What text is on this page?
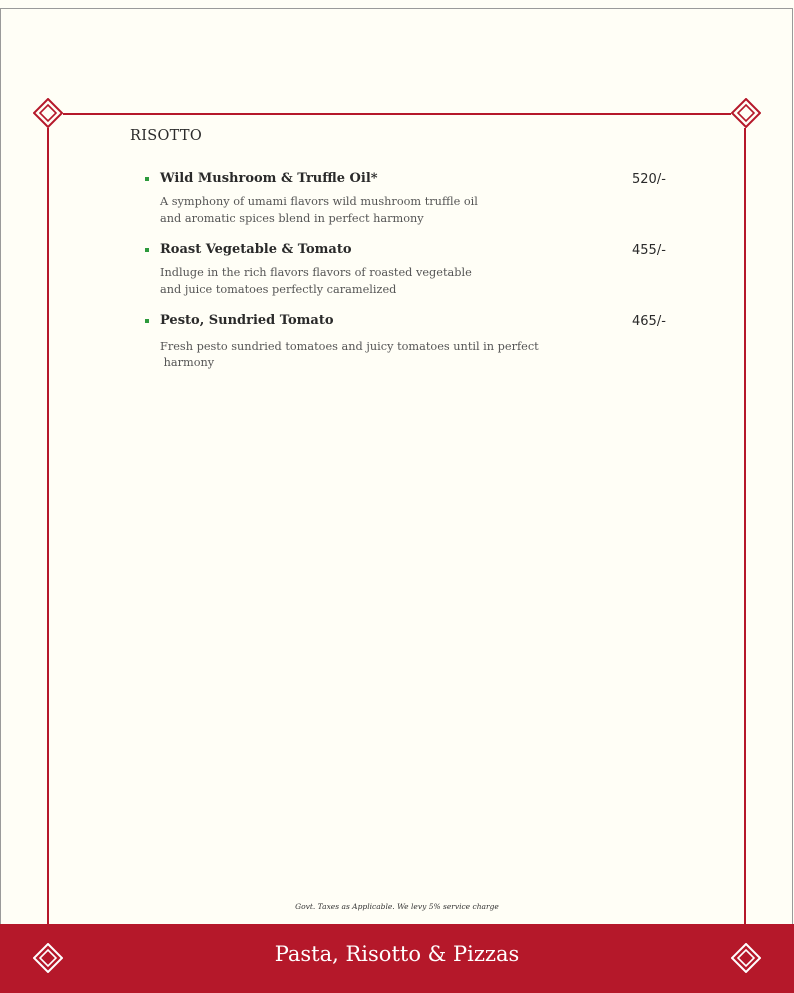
RISOTTO
Wild Mushroom & Truffle Oil*	520/-
A symphony of umami flavors wild mushroom truffle oil
and aromatic spices blend in perfect harmony
Roast Vegetable & Tomato	455/-
Indluge in the rich flavors flavors of roasted vegetable
and juice tomatoes perfectly caramelized
Pesto, Sundried Tomato	465/-
Fresh pesto sundried tomatoes and juicy tomatoes until in perfect
harmony
Govt. Taxes as Applicable. We levy 5% service charge
Pasta, Risotto & Pizzas
